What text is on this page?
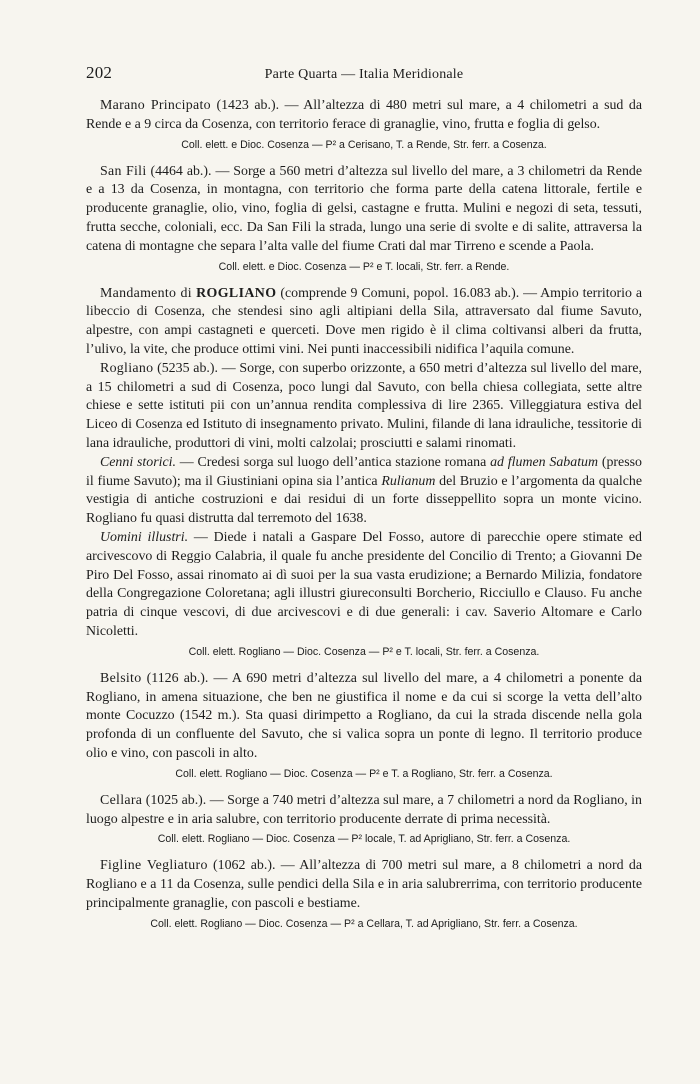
202	Parte Quarta — Italia Meridionale

Marano Principato (1423 ab.). — All’altezza di 480 metri sul mare, a 4 chilometri a sud da Rende e a 9 circa da Cosenza, con territorio ferace di granaglie, vino, frutta e foglia di gelso.

Coll. elett. e Dioc. Cosenza — P² a Cerisano, T. a Rende, Str. ferr. a Cosenza.

San Fili (4464 ab.). — Sorge a 560 metri d’altezza sul livello del mare, a 3 chilometri da Rende e a 13 da Cosenza, in montagna, con territorio che forma parte della catena littorale, fertile e producente granaglie, olio, vino, foglia di gelsi, castagne e frutta. Mulini e negozi di seta, tessuti, frutta secche, coloniali, ecc. Da San Fili la strada, lungo una serie di svolte e di salite, attraversa la catena di montagne che separa l’alta valle del fiume Crati dal mar Tirreno e scende a Paola.

Coll. elett. e Dioc. Cosenza — P² e T. locali, Str. ferr. a Rende.

Mandamento di ROGLIANO (comprende 9 Comuni, popol. 16.083 ab.). — Ampio territorio a libeccio di Cosenza, che stendesi sino agli altipiani della Sila, attraversato dal fiume Savuto, alpestre, con ampi castagneti e querceti. Dove men rigido è il clima coltivansi alberi da frutta, l’ulivo, la vite, che produce ottimi vini. Nei punti inaccessibili nidifica l’aquila comune.

Rogliano (5235 ab.). — Sorge, con superbo orizzonte, a 650 metri d’altezza sul livello del mare, a 15 chilometri a sud di Cosenza, poco lungi dal Savuto, con bella chiesa collegiata, sette altre chiese e sette istituti pii con un’annua rendita complessiva di lire 2365. Villeggiatura estiva del Liceo di Cosenza ed Istituto di insegnamento privato. Mulini, filande di lana idrauliche, tessitorie di lana idrauliche, produttori di vini, molti calzolai; prosciutti e salami rinomati.

Cenni storici. — Credesi sorga sul luogo dell’antica stazione romana ad flumen Sabatum (presso il fiume Savuto); ma il Giustiniani opina sia l’antica Rulianum del Bruzio e l’argomenta da qualche vestigia di antiche costruzioni e dai residui di un forte disseppellito sopra un monte vicino. Rogliano fu quasi distrutta dal terremoto del 1638.

Uomini illustri. — Diede i natali a Gaspare Del Fosso, autore di parecchie opere stimate ed arcivescovo di Reggio Calabria, il quale fu anche presidente del Concilio di Trento; a Giovanni De Piro Del Fosso, assai rinomato ai dì suoi per la sua vasta erudizione; a Bernardo Milizia, fondatore della Congregazione Coloretana; agli illustri giureconsulti Borcherio, Ricciullo e Clauso. Fu anche patria di cinque vescovi, di due arcivescovi e di due generali: i cav. Saverio Altomare e Carlo Nicoletti.

Coll. elett. Rogliano — Dioc. Cosenza — P² e T. locali, Str. ferr. a Cosenza.

Belsito (1126 ab.). — A 690 metri d’altezza sul livello del mare, a 4 chilometri a ponente da Rogliano, in amena situazione, che ben ne giustifica il nome e da cui si scorge la vetta dell’alto monte Cocuzzo (1542 m.). Sta quasi dirimpetto a Rogliano, da cui la strada discende nella gola profonda di un confluente del Savuto, che si valica sopra un ponte di legno. Il territorio produce olio e vino, con pascoli in alto.

Coll. elett. Rogliano — Dioc. Cosenza — P² e T. a Rogliano, Str. ferr. a Cosenza.

Cellara (1025 ab.). — Sorge a 740 metri d’altezza sul mare, a 7 chilometri a nord da Rogliano, in luogo alpestre e in aria salubre, con territorio producente derrate di prima necessità.

Coll. elett. Rogliano — Dioc. Cosenza — P² locale, T. ad Aprigliano, Str. ferr. a Cosenza.

Figline Vegliaturo (1062 ab.). — All’altezza di 700 metri sul mare, a 8 chilometri a nord da Rogliano e a 11 da Cosenza, sulle pendici della Sila e in aria salubrerrima, con territorio producente principalmente granaglie, con pascoli e bestiame.

Coll. elett. Rogliano — Dioc. Cosenza — P² a Cellara, T. ad Aprigliano, Str. ferr. a Cosenza.
